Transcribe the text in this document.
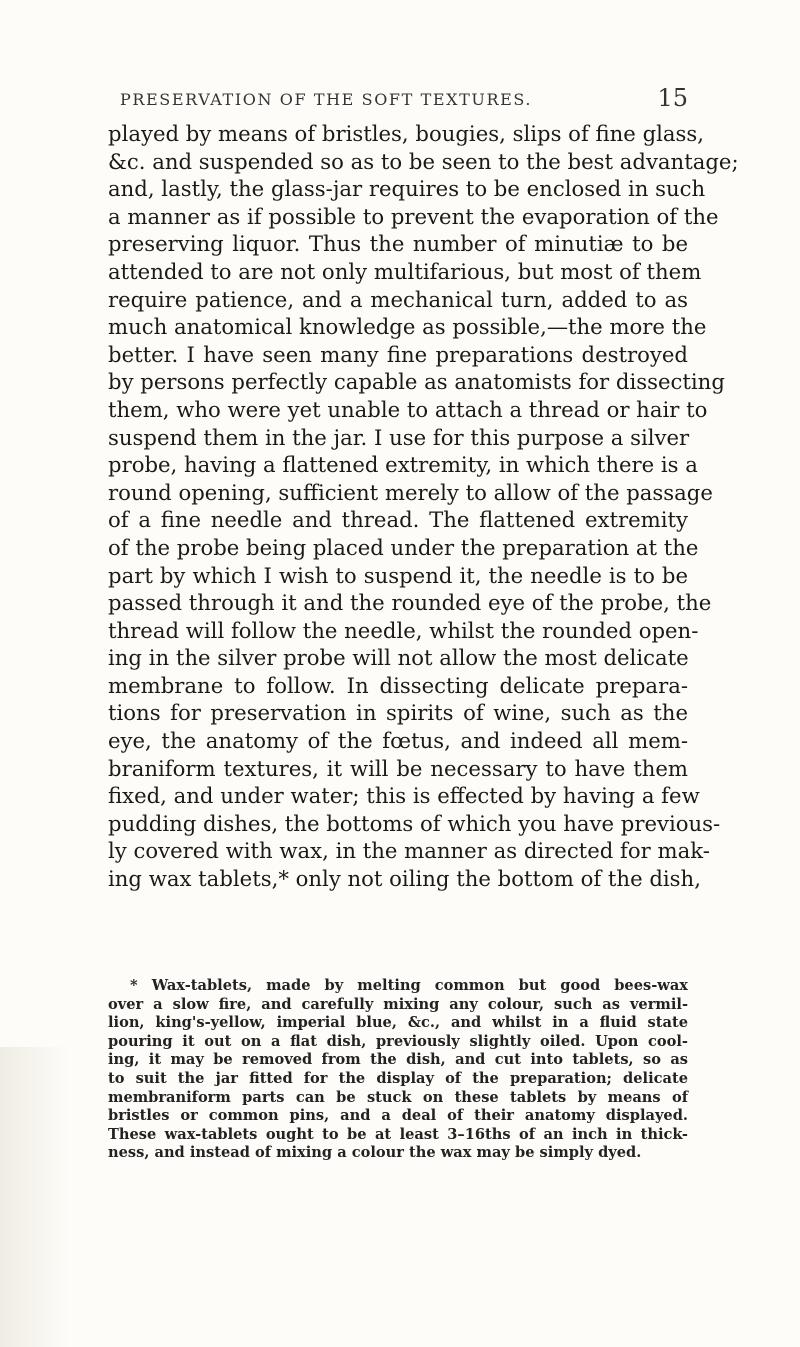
PRESERVATION OF THE SOFT TEXTURES.	15
played by means of bristles, bougies, slips of fine glass,
&c. and suspended so as to be seen to the best advantage;
and, lastly, the glass-jar requires to be enclosed in such
a manner as if possible to prevent the evaporation of the
preserving liquor. Thus the number of minutiæ to be
attended to are not only multifarious, but most of them
require patience, and a mechanical turn, added to as
much anatomical knowledge as possible,—the more the
better. I have seen many fine preparations destroyed
by persons perfectly capable as anatomists for dissecting
them, who were yet unable to attach a thread or hair to
suspend them in the jar. I use for this purpose a silver
probe, having a flattened extremity, in which there is a
round opening, sufficient merely to allow of the passage
of a fine needle and thread. The flattened extremity
of the probe being placed under the preparation at the
part by which I wish to suspend it, the needle is to be
passed through it and the rounded eye of the probe, the
thread will follow the needle, whilst the rounded open-
ing in the silver probe will not allow the most delicate
membrane to follow. In dissecting delicate prepara-
tions for preservation in spirits of wine, such as the
eye, the anatomy of the fœtus, and indeed all mem-
braniform textures, it will be necessary to have them
fixed, and under water; this is effected by having a few
pudding dishes, the bottoms of which you have previous-
ly covered with wax, in the manner as directed for mak-
ing wax tablets,* only not oiling the bottom of the dish,
* Wax-tablets, made by melting common but good bees-wax
over a slow fire, and carefully mixing any colour, such as vermil-
lion, king's-yellow, imperial blue, &c., and whilst in a fluid state
pouring it out on a flat dish, previously slightly oiled. Upon cool-
ing, it may be removed from the dish, and cut into tablets, so as
to suit the jar fitted for the display of the preparation; delicate
membraniform parts can be stuck on these tablets by means of
bristles or common pins, and a deal of their anatomy displayed.
These wax-tablets ought to be at least 3–16ths of an inch in thick-
ness, and instead of mixing a colour the wax may be simply dyed.
